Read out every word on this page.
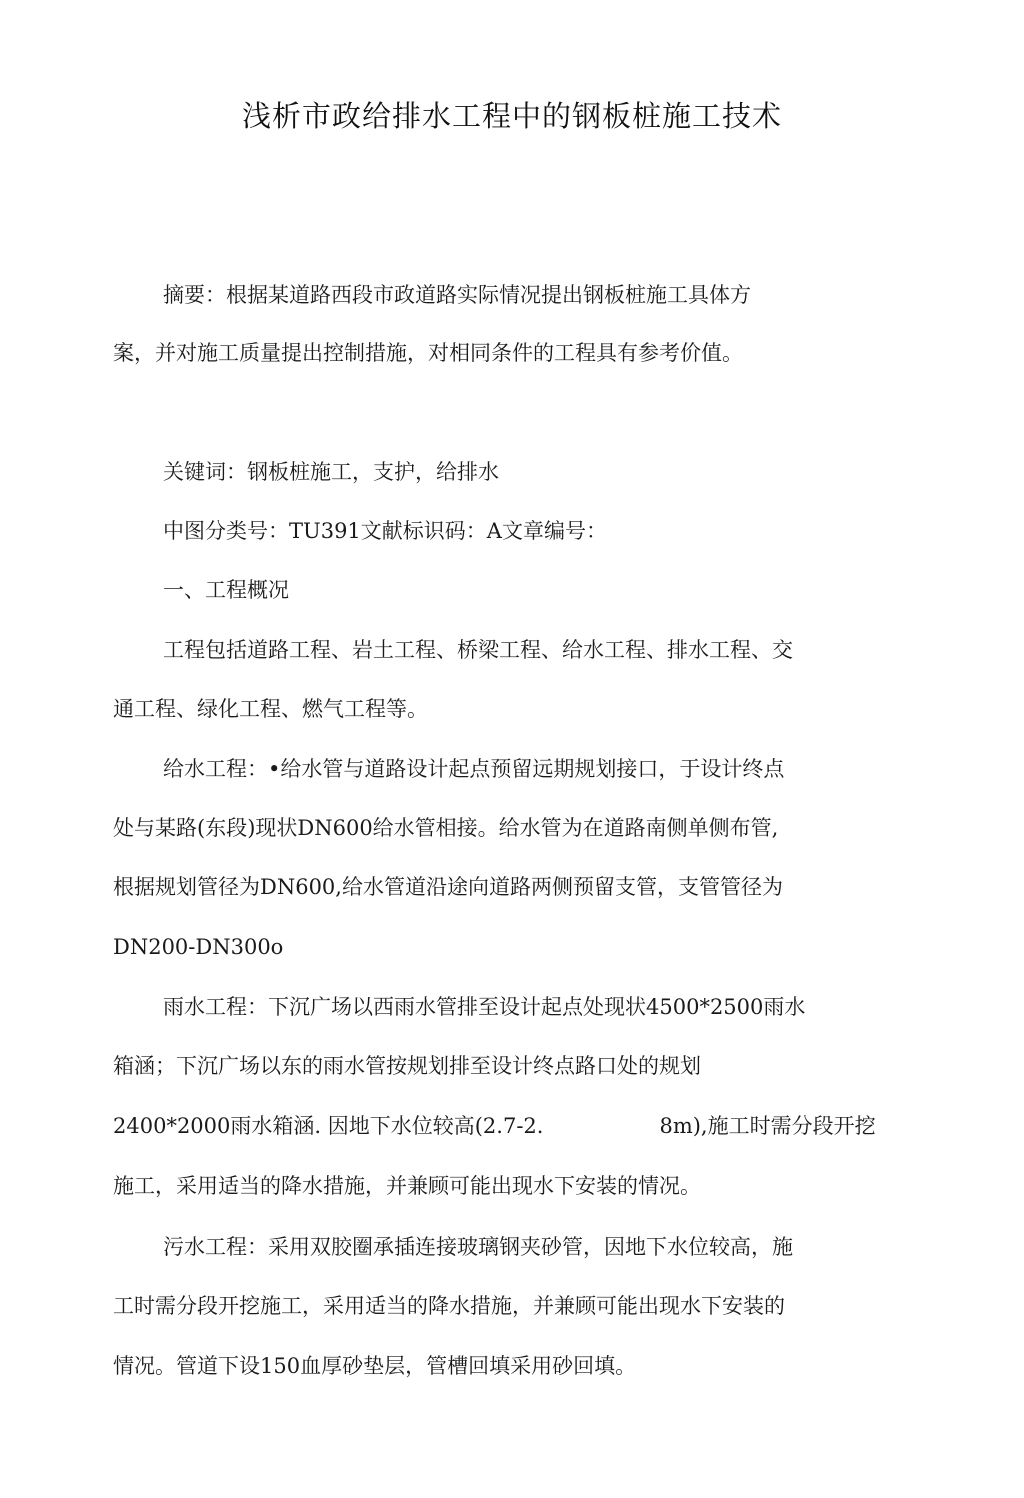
浅析市政给排水工程中的钢板桩施工技术

摘要：根据某道路西段市政道路实际情况提出钢板桩施工具体方

案，并对施工质量提出控制措施，对相同条件的工程具有参考价值。

关键词：钢板桩施工，支护，给排水

中图分类号：TU391文献标识码：A文章编号：

一、工程概况

工程包括道路工程、岩土工程、桥梁工程、给水工程、排水工程、交

通工程、绿化工程、燃气工程等。

给水工程：•给水管与道路设计起点预留远期规划接口，于设计终点

处与某路(东段)现状DN600给水管相接。给水管为在道路南侧单侧布管,

根据规划管径为DN600,给水管道沿途向道路两侧预留支管，支管管径为

DN200-DN300o

雨水工程：下沉广场以西雨水管排至设计起点处现状4500*2500雨水

箱涵；下沉广场以东的雨水管按规划排至设计终点路口处的规划

2400*2000雨水箱涵. 因地下水位较高(2.7-2.	8m),施工时需分段开挖

施工，采用适当的降水措施，并兼顾可能出现水下安装的情况。

污水工程：采用双胶圈承插连接玻璃钢夹砂管，因地下水位较高，施

工时需分段开挖施工，采用适当的降水措施，并兼顾可能出现水下安装的

情况。管道下设150血厚砂垫层，管槽回填采用砂回填。
